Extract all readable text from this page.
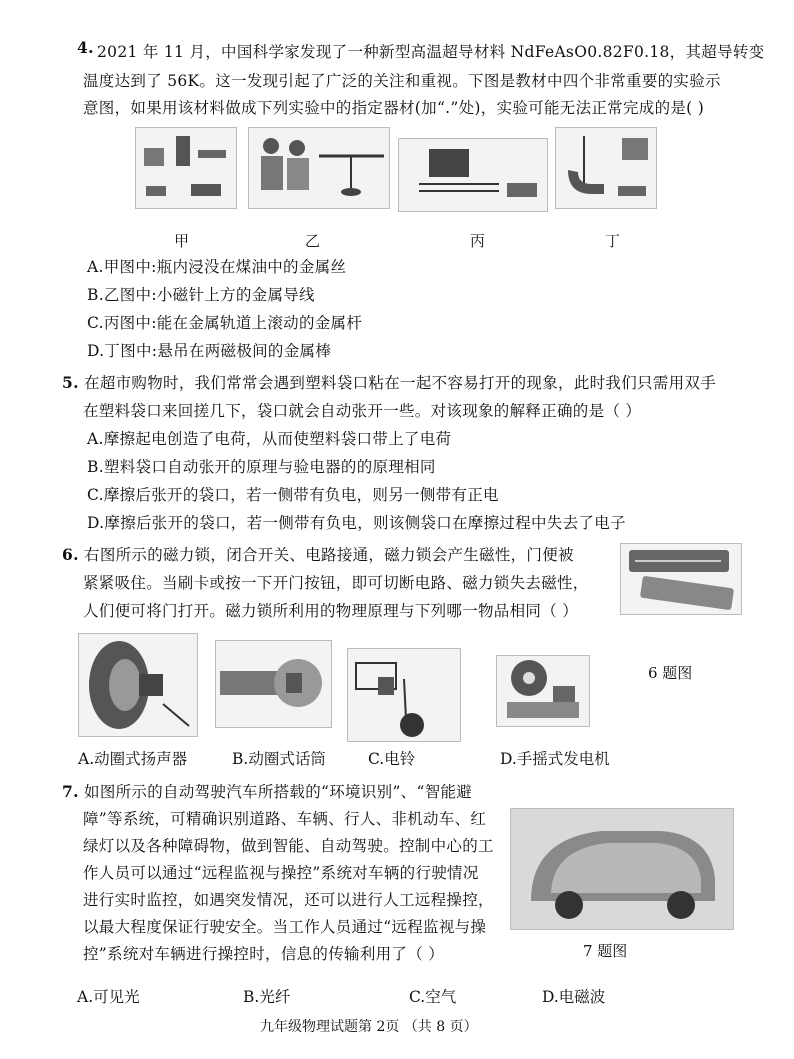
4. 2021 年 11 月，中国科学家发现了一种新型高温超导材料 NdFeAsO0.82F0.18，其超导转变
温度达到了 56K。这一发现引起了广泛的关注和重视。下图是教材中四个非常重要的实验示
意图，如果用该材料做成下列实验中的指定器材(加“.”处)，实验可能无法正常完成的是( )
甲	乙	丙	丁
A.甲图中:瓶内浸没在煤油中的金属丝
B.乙图中:小磁针上方的金属导线
C.丙图中:能在金属轨道上滚动的金属杆
D.丁图中:悬吊在两磁极间的金属棒
5. 在超市购物时，我们常常会遇到塑料袋口粘在一起不容易打开的现象，此时我们只需用双手
在塑料袋口来回搓几下，袋口就会自动张开一些。对该现象的解释正确的是（ ）
A.摩擦起电创造了电荷，从而使塑料袋口带上了电荷
B.塑料袋口自动张开的原理与验电器的的原理相同
C.摩擦后张开的袋口，若一侧带有负电，则另一侧带有正电
D.摩擦后张开的袋口，若一侧带有负电，则该侧袋口在摩擦过程中失去了电子
6. 右图所示的磁力锁，闭合开关、电路接通，磁力锁会产生磁性，门便被
紧紧吸住。当刷卡或按一下开门按钮，即可切断电路、磁力锁失去磁性，
人们便可将门打开。磁力锁所利用的物理原理与下列哪一物品相同（ ）
6 题图
A.动圈式扬声器	B.动圈式话筒	C.电铃	D.手摇式发电机
7. 如图所示的自动驾驶汽车所搭载的“环境识别”、“智能避
障”等系统，可精确识别道路、车辆、行人、非机动车、红
绿灯以及各种障碍物，做到智能、自动驾驶。控制中心的工
作人员可以通过“远程监视与操控”系统对车辆的行驶情况
进行实时监控，如遇突发情况，还可以进行人工远程操控，
以最大程度保证行驶安全。当工作人员通过“远程监视与操
控”系统对车辆进行操控时，信息的传输利用了（ ）	7 题图
A.可见光	B.光纤	C.空气	D.电磁波
九年级物理试题第 2页 （共 8 页）
